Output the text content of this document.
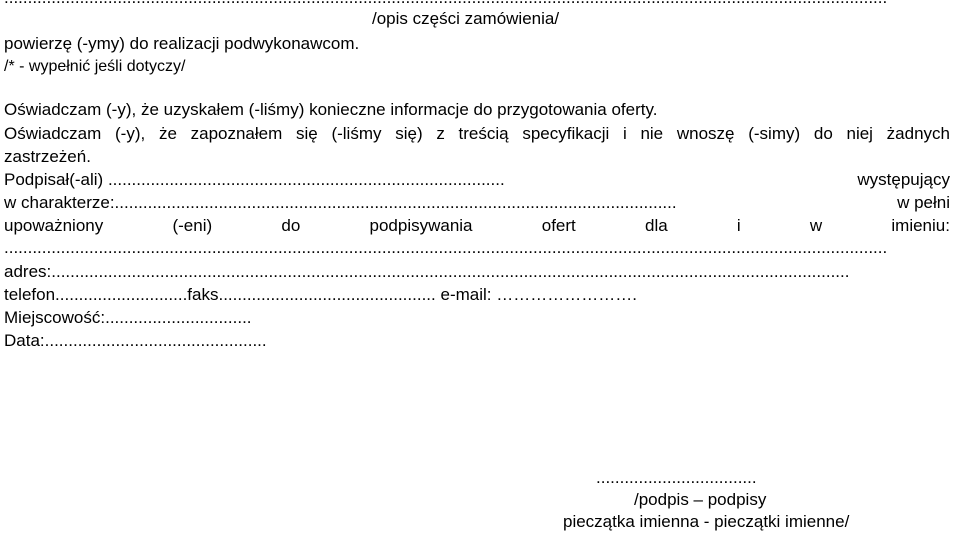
/opis części zamówienia/
powierzę (-ymy) do realizacji podwykonawcom.
/* - wypełnić jeśli dotyczy/
Oświadczam (-y), że uzyskałem (-liśmy) konieczne informacje do przygotowania oferty.
Oświadczam (-y), że zapoznałem się (-liśmy się) z treścią specyfikacji i nie wnoszę (-simy) do niej żadnych
zastrzeżeń.
Podpisał(-ali) ....................................................................................	występujący
w charakterze:.......................................................................................................................	w pełni
upoważniony	(-eni)	do	podpisywania	ofert	dla	i	w	imieniu:
...........................................................................................................................................................................................
adres:.........................................................................................................................................................................
telefon............................faks.............................................. e-mail: …………………….
Miejscowość:...............................
Data:...............................................
..................................
/podpis – podpisy
pieczątka imienna - pieczątki imienne/
